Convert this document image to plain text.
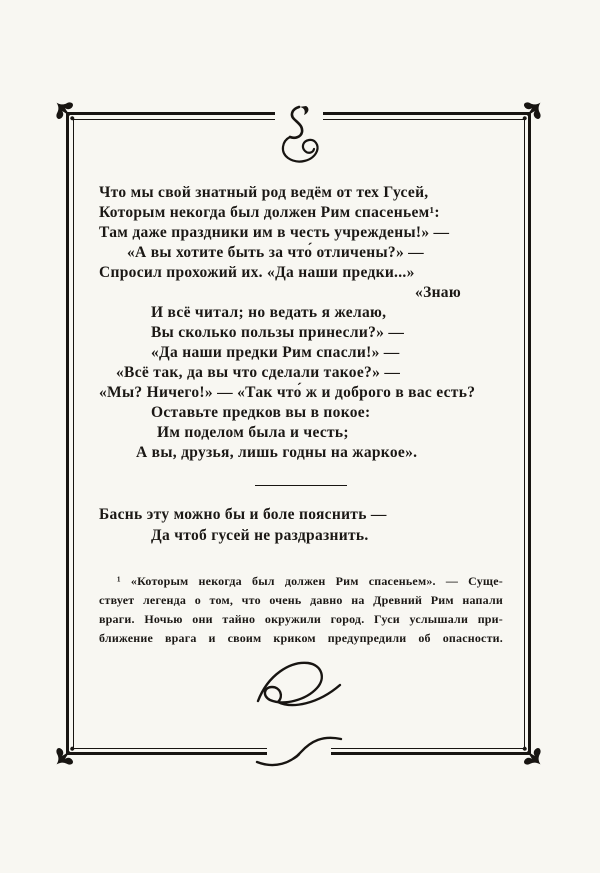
Что мы свой знатный род ведём от тех Гусей,
Которым некогда был должен Рим спасеньем¹:
Там даже праздники им в честь учреждены!» —
«А вы хотите быть за что́ отличены?» —
Спросил прохожий их. «Да наши предки...»
«Знаю
И всё читал; но ведать я желаю,
Вы сколько пользы принесли?» —
«Да наши предки Рим спасли!» —
«Всё так, да вы что сделали такое?» —
«Мы? Ничего!» — «Так что́ ж и доброго в вас есть?
Оставьте предков вы в покое:
Им поделом была и честь;
А вы, друзья, лишь годны на жаркое».
Баснь эту можно бы и боле пояснить —
Да чтоб гусей не раздразнить.
¹ «Которым некогда был должен Рим спасеньем». — Суще-
ствует легенда о том, что очень давно на Древний Рим напали
враги. Ночью они тайно окружили город. Гуси услышали при-
ближение врага и своим криком предупредили об опасности.
